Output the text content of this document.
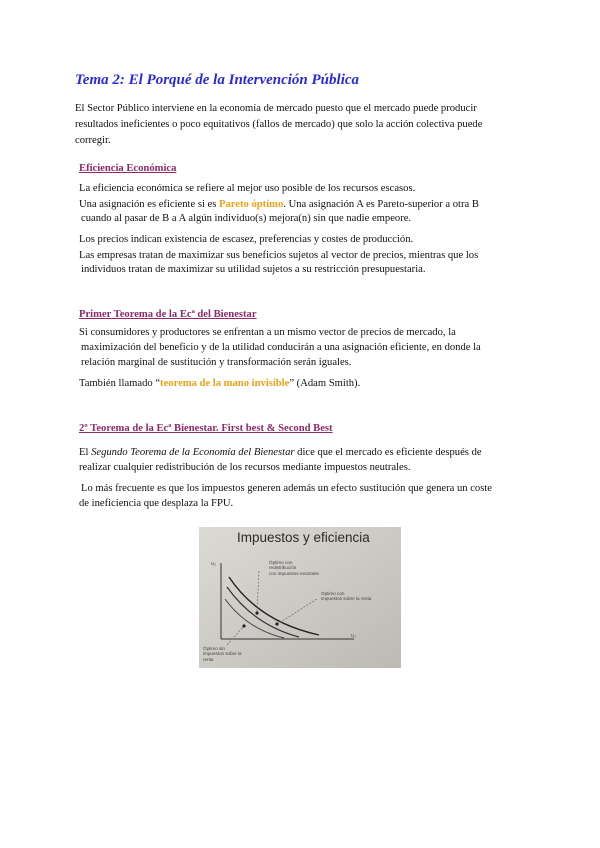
Tema 2: El Porqué de la Intervención Pública
El Sector Público interviene en la economía de mercado puesto que el mercado puede producir
resultados ineficientes o poco equitativos (fallos de mercado) que solo la acción colectiva puede
corregir.
Eficiencia Económica
La eficiencia económica se refiere al mejor uso posible de los recursos escasos.
Una asignación es eficiente si es Pareto óptimo. Una asignación A es Pareto-superior a otra B
cuando al pasar de B a A algún individuo(s) mejora(n) sin que nadie empeore.
Los precios indican existencia de escasez, preferencias y costes de producción.
Las empresas tratan de maximizar sus beneficios sujetos al vector de precios, mientras que los
individuos tratan de maximizar su utilidad sujetos a su restricción presupuestaria.
Primer Teorema de la Ecª del Bienestar
Si consumidores y productores se enfrentan a un mismo vector de precios de mercado, la
maximización del beneficio y de la utilidad conducirán a una asignación eficiente, en donde la
relación marginal de sustitución y transformación serán iguales.
También llamado “teorema de la mano invisible” (Adam Smith).
2º Teorema de la Ecª Bienestar. First best & Second Best
El Segundo Teorema de la Economía del Bienestar dice que el mercado es eficiente después de
realizar cualquier redistribución de los recursos mediante impuestos neutrales.
Lo más frecuente es que los impuestos generen además un efecto sustitución que genera un coste
de ineficiencia que desplaza la FPU.
Impuestos y eficiencia
U₂
U₁
Óptimo con
redistribución
con impuestos neutrales
Óptimo con
impuestos sobre la renta
Óptimo sin
impuestos sobre la
renta
